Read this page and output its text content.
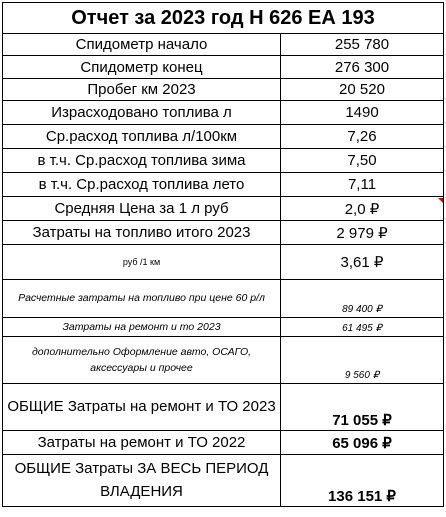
Отчет за 2023 год Н 626 ЕА 193	
Спидометр начало	255 780
Спидометр конец	276 300
Пробег км 2023	20 520
Израсходовано топлива л	1490
Ср.расход топлива л/100км	7,26
в т.ч. Ср.расход топлива зима	7,50
в т.ч. Ср.расход топлива лето	7,11
Средняя Цена за 1 л руб	2,0 ₽
Затраты на топливо итого 2023	2 979 ₽
руб /1 км	3,61 ₽
Расчетные затраты на топливо при цене 60 р/л	89 400 ₽
Затраты на ремонт и то 2023	61 495 ₽
дополнительно Оформление авто, ОСАГО, аксессуары и прочее	9 560 ₽
ОБЩИЕ Затраты на ремонт и ТО 2023	71 055 ₽
Затраты на ремонт и ТО 2022	65 096 ₽
ОБЩИЕ Затраты ЗА ВЕСЬ ПЕРИОД ВЛАДЕНИЯ	136 151 ₽
